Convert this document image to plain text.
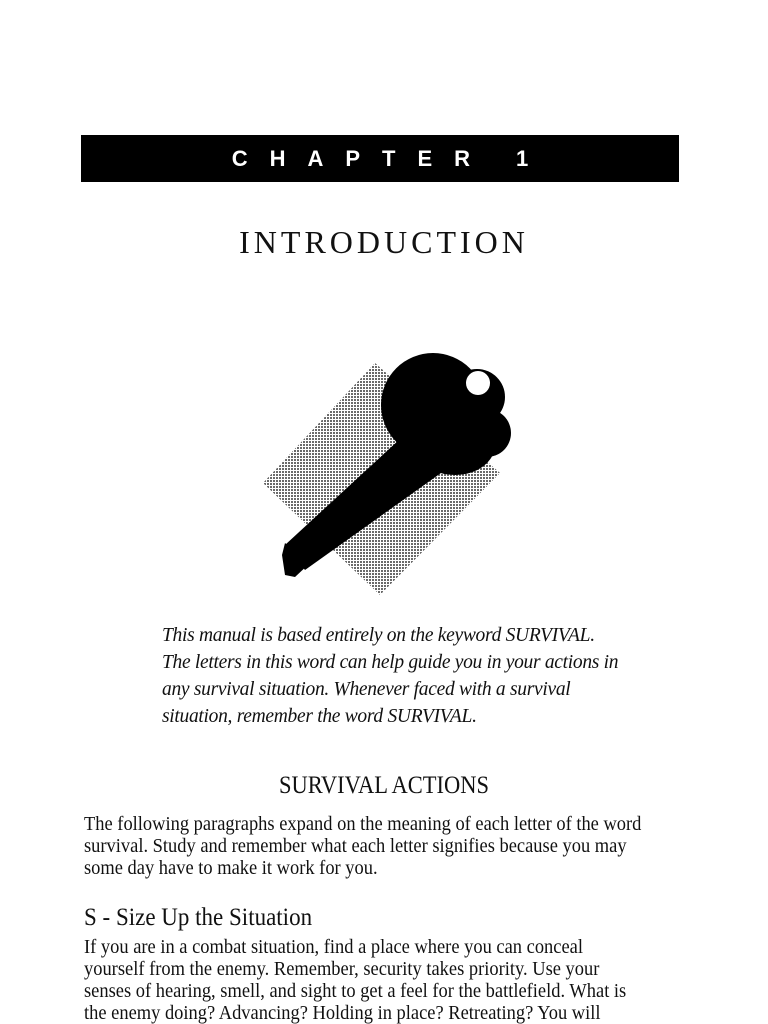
CHAPTER 1
INTRODUCTION

This manual is based entirely on the keyword SURVIVAL. The letters in this word can help guide you in your actions in any survival situation. Whenever faced with a survival situation, remember the word SURVIVAL.

SURVIVAL ACTIONS

The following paragraphs expand on the meaning of each letter of the word survival. Study and remember what each letter signifies because you may some day have to make it work for you.

S - Size Up the Situation

If you are in a combat situation, find a place where you can conceal yourself from the enemy. Remember, security takes priority. Use your senses of hearing, smell, and sight to get a feel for the battlefield. What is the enemy doing? Advancing? Holding in place? Retreating? You will
